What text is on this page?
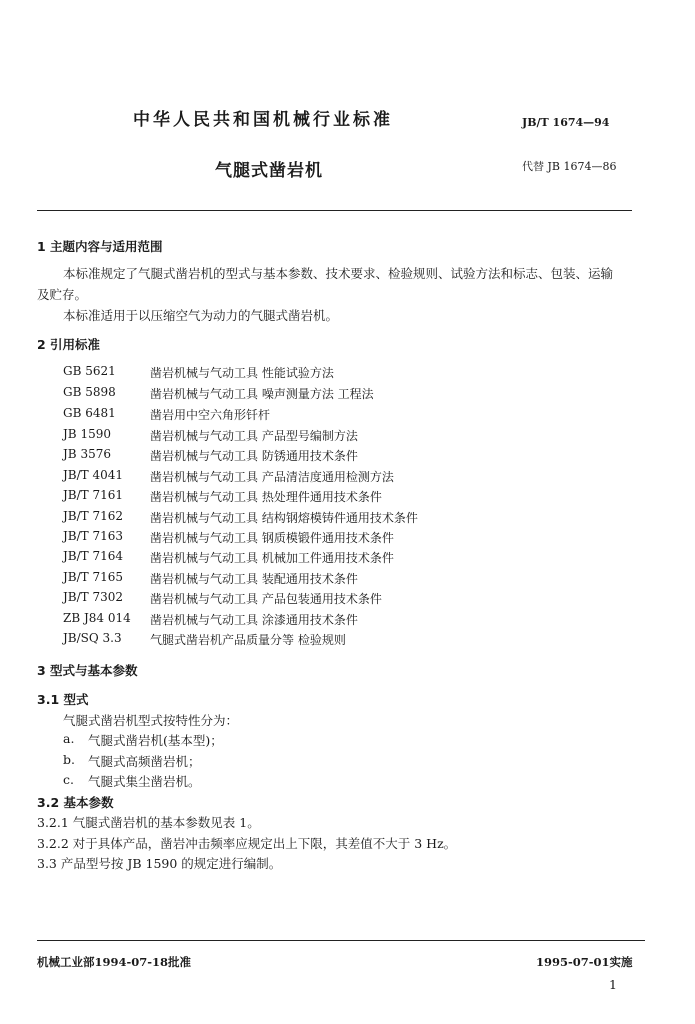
中华人民共和国机械行业标准	JB/T 1674—94
气腿式凿岩机	代替 JB 1674—86
1 主题内容与适用范围
本标准规定了气腿式凿岩机的型式与基本参数、技术要求、检验规则、试验方法和标志、包装、运输
及贮存。
本标准适用于以压缩空气为动力的气腿式凿岩机。
2 引用标准
GB 5621	凿岩机械与气动工具 性能试验方法
GB 5898	凿岩机械与气动工具 噪声测量方法 工程法
GB 6481	凿岩用中空六角形钎杆
JB 1590	凿岩机械与气动工具 产品型号编制方法
JB 3576	凿岩机械与气动工具 防锈通用技术条件
JB/T 4041 凿岩机械与气动工具 产品清洁度通用检测方法
JB/T 7161 凿岩机械与气动工具 热处理件通用技术条件
JB/T 7162 凿岩机械与气动工具 结构钢熔模铸件通用技术条件
JB/T 7163 凿岩机械与气动工具 钢质模锻件通用技术条件
JB/T 7164 凿岩机械与气动工具 机械加工件通用技术条件
JB/T 7165 凿岩机械与气动工具 装配通用技术条件
JB/T 7302 凿岩机械与气动工具 产品包装通用技术条件
ZB J84 014 凿岩机械与气动工具 涂漆通用技术条件
JB/SQ 3.3 气腿式凿岩机产品质量分等 检验规则
3 型式与基本参数
3.1 型式
气腿式凿岩机型式按特性分为：
a. 气腿式凿岩机(基本型)；
b. 气腿式高频凿岩机；
c. 气腿式集尘凿岩机。
3.2 基本参数
3.2.1 气腿式凿岩机的基本参数见表 1。
3.2.2 对于具体产品，凿岩冲击频率应规定出上下限，其差值不大于 3 Hz。
3.3 产品型号按 JB 1590 的规定进行编制。
机械工业部1994-07-18批准	1995-07-01实施
1
